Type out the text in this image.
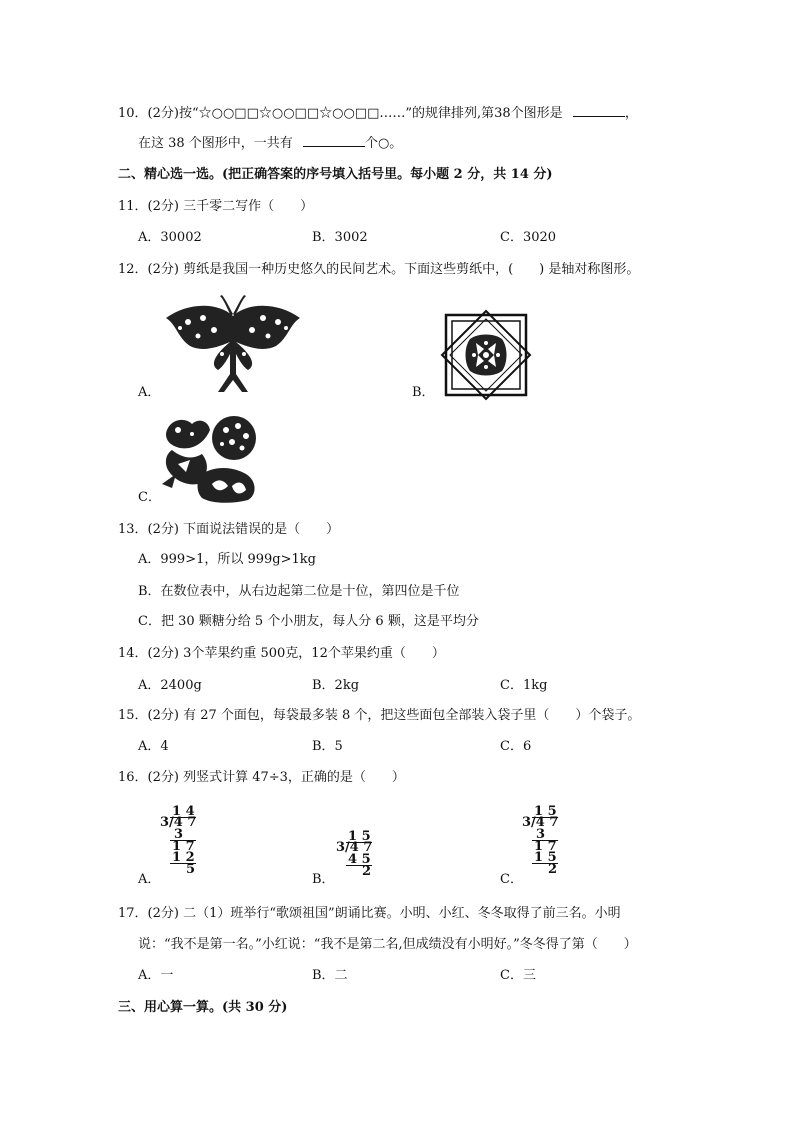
10．(2分)按“☆○○□□☆○○□□☆○○□□……”的规律排列,第38个图形是	，
在这 38 个图形中，一共有	个○。
二、精心选一选。(把正确答案的序号填入括号里。每小题 2 分，共 14 分)
11．(2分) 三千零二写作（　　）
A．30002	B．3002	C．3020
12．(2分) 剪纸是我国一种历史悠久的民间艺术。下面这些剪纸中，(　　) 是轴对称图形。
A．	B．
C．
13．(2分) 下面说法错误的是（　　）
A．999>1，所以 999g>1kg
B．在数位表中，从右边起第二位是十位，第四位是千位
C．把 30 颗糖分给 5 个小朋友，每人分 6 颗，这是平均分
14．(2分) 3个苹果约重 500克，12个苹果约重（　　）
A．2400g	B．2kg	C．1kg
15．(2分) 有 27 个面包，每袋最多装 8 个，把这些面包全部装入袋子里（　　）个袋子。
A．4	B．5	C．6
16．(2分) 列竖式计算 47÷3，正确的是（　　）
1 4
3/4 7
3
1 7
1 2
5
A．
1 5
3/4 7
4 5
2
B．
1 5
3/4 7
3
1 7
1 5
2
C．
17．(2分) 二（1）班举行“歌颂祖国”朗诵比赛。小明、小红、冬冬取得了前三名。小明
说：“我不是第一名。”小红说：“我不是第二名,但成绩没有小明好。”冬冬得了第（　　）
A．一	B．二	C．三
三、用心算一算。(共 30 分)
